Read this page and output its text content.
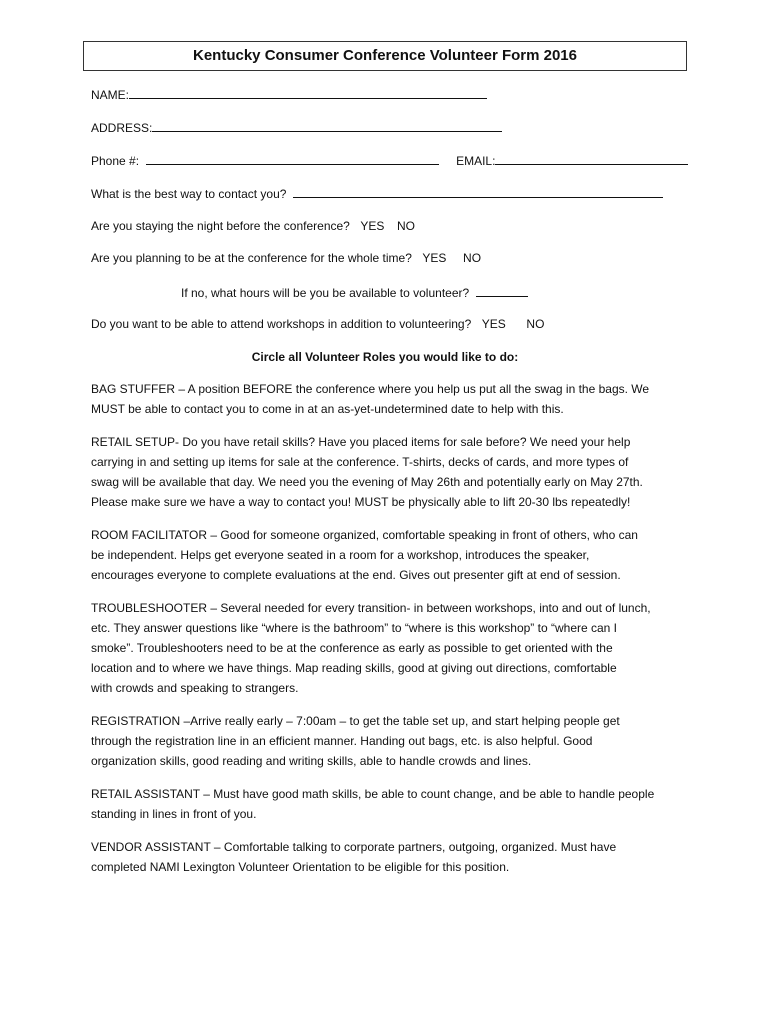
Kentucky Consumer Conference Volunteer Form 2016
NAME:
ADDRESS:
Phone #:	EMAIL:
What is the best way to contact you?
Are you staying the night before the conference? YES NO
Are you planning to be at the conference for the whole time? YES NO
If no, what hours will be you be available to volunteer?
Do you want to be able to attend workshops in addition to volunteering? YES NO
Circle all Volunteer Roles you would like to do:
BAG STUFFER – A position BEFORE the conference where you help us put all the swag in the bags. We
MUST be able to contact you to come in at an as-yet-undetermined date to help with this.
RETAIL SETUP- Do you have retail skills? Have you placed items for sale before? We need your help
carrying in and setting up items for sale at the conference. T-shirts, decks of cards, and more types of
swag will be available that day. We need you the evening of May 26th and potentially early on May 27th.
Please make sure we have a way to contact you! MUST be physically able to lift 20-30 lbs repeatedly!
ROOM FACILITATOR – Good for someone organized, comfortable speaking in front of others, who can
be independent. Helps get everyone seated in a room for a workshop, introduces the speaker,
encourages everyone to complete evaluations at the end. Gives out presenter gift at end of session.
TROUBLESHOOTER – Several needed for every transition- in between workshops, into and out of lunch,
etc. They answer questions like “where is the bathroom” to “where is this workshop” to “where can I
smoke”. Troubleshooters need to be at the conference as early as possible to get oriented with the
location and to where we have things. Map reading skills, good at giving out directions, comfortable
with crowds and speaking to strangers.
REGISTRATION –Arrive really early – 7:00am – to get the table set up, and start helping people get
through the registration line in an efficient manner. Handing out bags, etc. is also helpful. Good
organization skills, good reading and writing skills, able to handle crowds and lines.
RETAIL ASSISTANT – Must have good math skills, be able to count change, and be able to handle people
standing in lines in front of you.
VENDOR ASSISTANT – Comfortable talking to corporate partners, outgoing, organized. Must have
completed NAMI Lexington Volunteer Orientation to be eligible for this position.
